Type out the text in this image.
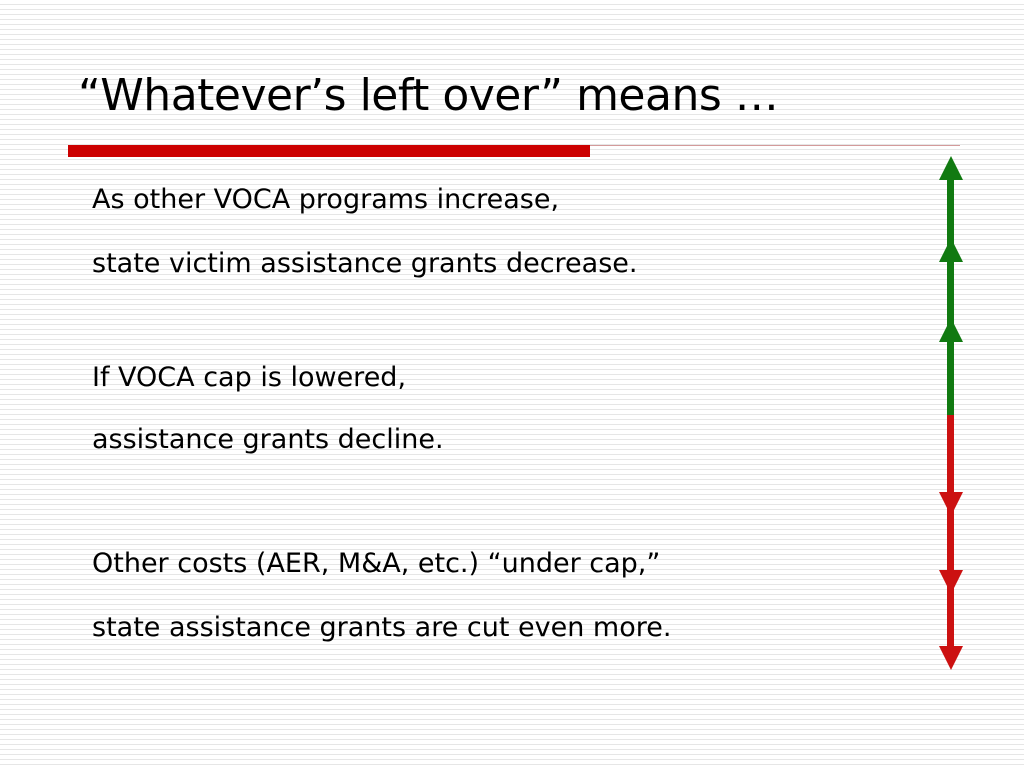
“Whatever’s left over” means …

As other VOCA programs increase,

state victim assistance grants decrease.

If VOCA cap is lowered,

assistance grants decline.

Other costs (AER, M&A, etc.) “under cap,”

state assistance grants are cut even more.
